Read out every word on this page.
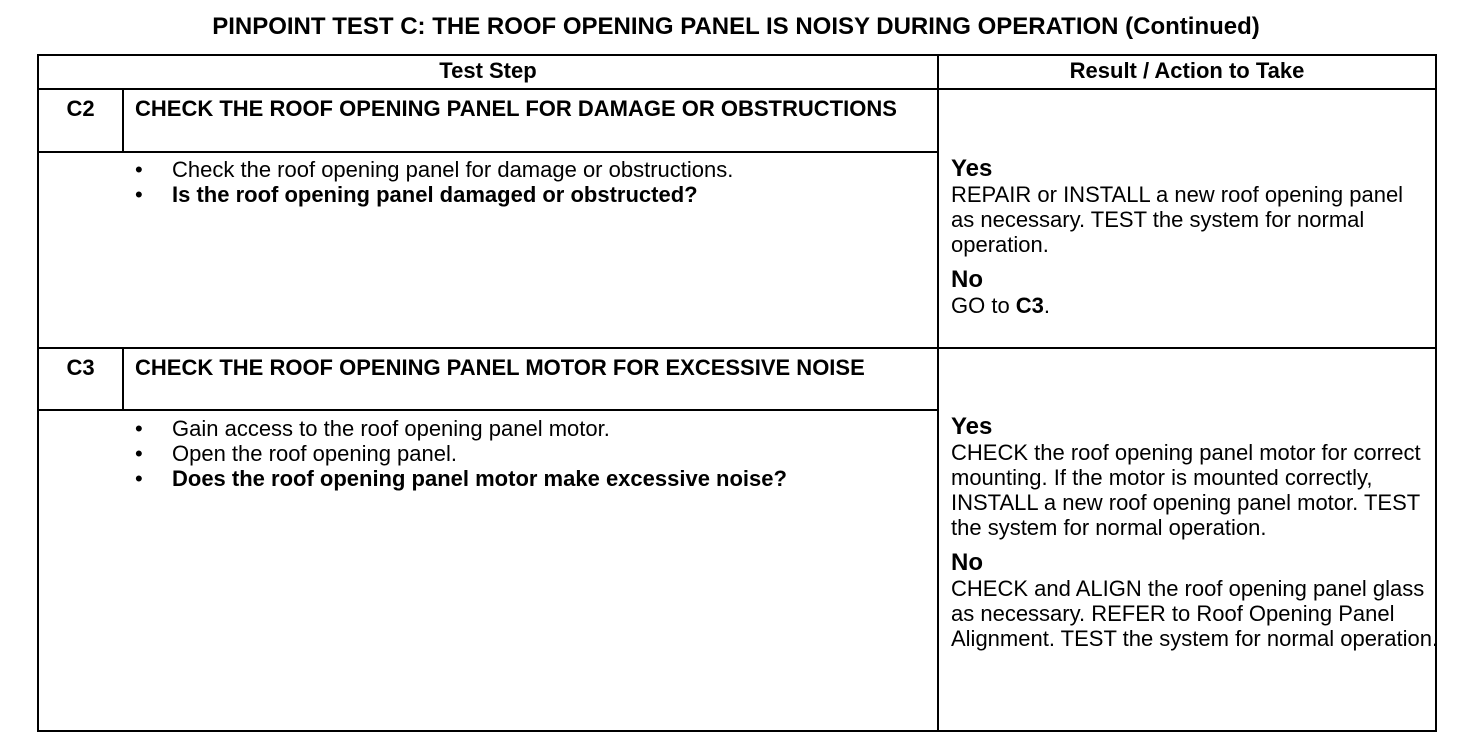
PINPOINT TEST C: THE ROOF OPENING PANEL IS NOISY DURING OPERATION (Continued)
Test Step	Result / Action to Take
C2	CHECK THE ROOF OPENING PANEL FOR DAMAGE OR OBSTRUCTIONS
• Check the roof opening panel for damage or obstructions.
• Is the roof opening panel damaged or obstructed?
Yes
REPAIR or INSTALL a new roof opening panel as necessary. TEST the system for normal operation.
No
GO to C3.
C3	CHECK THE ROOF OPENING PANEL MOTOR FOR EXCESSIVE NOISE
• Gain access to the roof opening panel motor.
• Open the roof opening panel.
• Does the roof opening panel motor make excessive noise?
Yes
CHECK the roof opening panel motor for correct mounting. If the motor is mounted correctly, INSTALL a new roof opening panel motor. TEST the system for normal operation.
No
CHECK and ALIGN the roof opening panel glass as necessary. REFER to Roof Opening Panel Alignment. TEST the system for normal operation.
